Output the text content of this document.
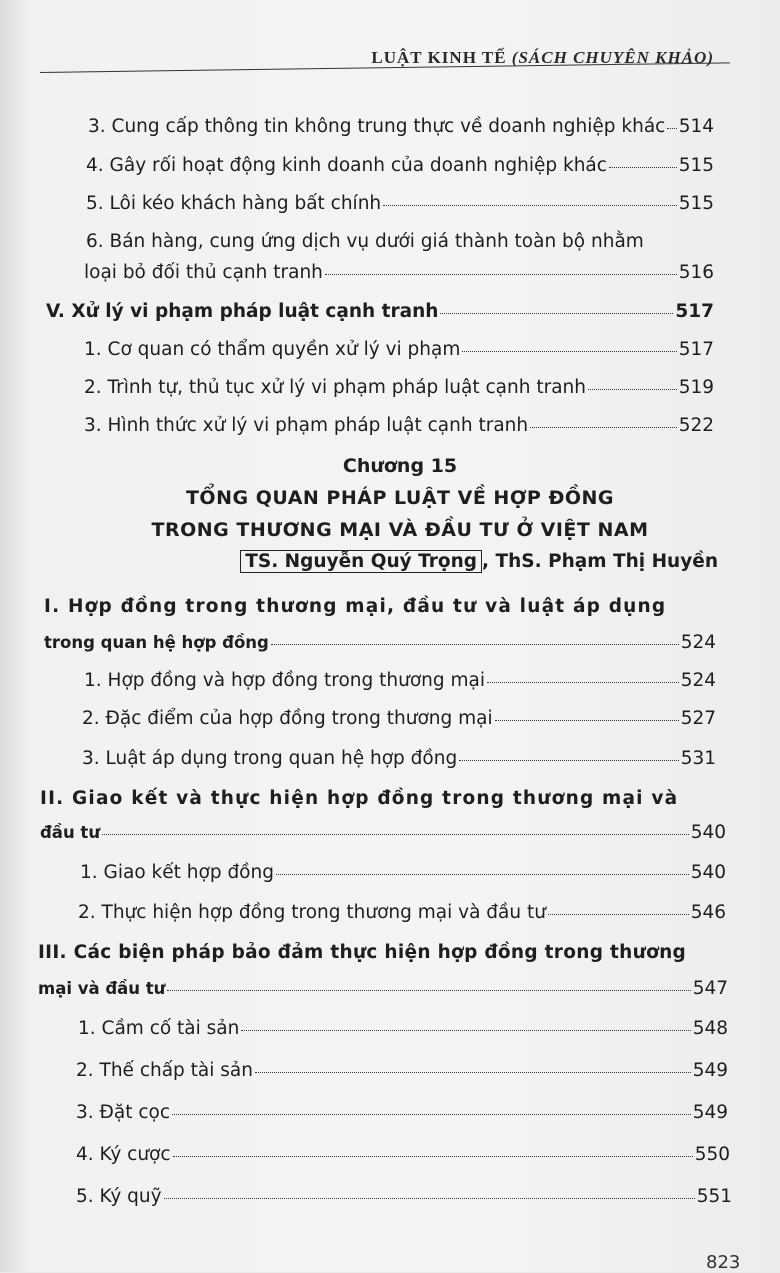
LUẬT KINH TẾ (SÁCH CHUYÊN KHẢO)
3. Cung cấp thông tin không trung thực về doanh nghiệp khác 514
4. Gây rối hoạt động kinh doanh của doanh nghiệp khác	515
5. Lôi kéo khách hàng bất chính	515
6. Bán hàng, cung ứng dịch vụ dưới giá thành toàn bộ nhằm
loại bỏ đối thủ cạnh tranh	516
V. Xử lý vi phạm pháp luật cạnh tranh	517
1. Cơ quan có thẩm quyền xử lý vi phạm	517
2. Trình tự, thủ tục xử lý vi phạm pháp luật cạnh tranh	519
3. Hình thức xử lý vi phạm pháp luật cạnh tranh	522
Chương 15
TỔNG QUAN PHÁP LUẬT VỀ HỢP ĐỒNG
TRONG THƯƠNG MẠI VÀ ĐẦU TƯ Ở VIỆT NAM
TS. Nguyễn Quý Trọng , ThS. Phạm Thị Huyền
I. Hợp đồng trong thương mại, đầu tư và luật áp dụng
trong quan hệ hợp đồng	524
1. Hợp đồng và hợp đồng trong thương mại	524
2. Đặc điểm của hợp đồng trong thương mại	527
3. Luật áp dụng trong quan hệ hợp đồng	531
II. Giao kết và thực hiện hợp đồng trong thương mại và
đầu tư	540
1. Giao kết hợp đồng	540
2. Thực hiện hợp đồng trong thương mại và đầu tư	546
III. Các biện pháp bảo đảm thực hiện hợp đồng trong thương
mại và đầu tư	547
1. Cầm cố tài sản	548
2. Thế chấp tài sản	549
3. Đặt cọc	549
4. Ký cược	550
5. Ký quỹ	551
823
